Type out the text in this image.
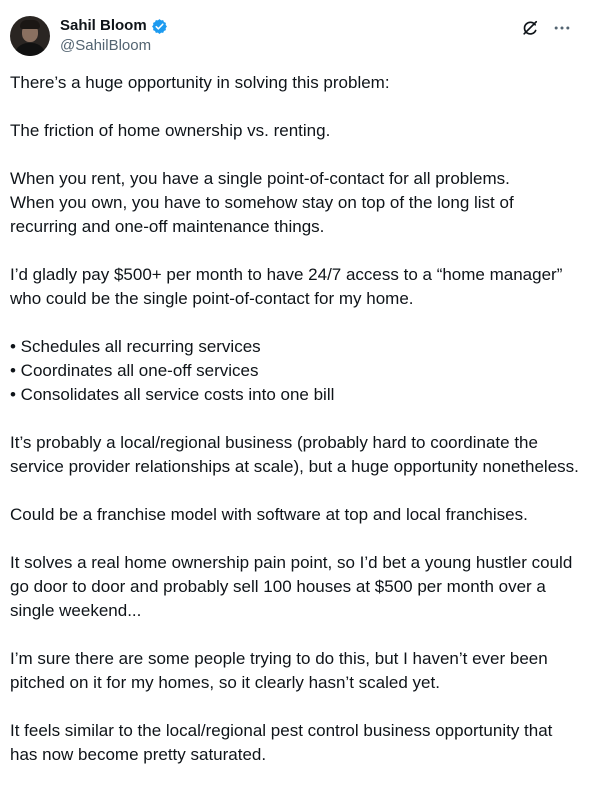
Sahil Bloom
@SahilBloom

There’s a huge opportunity in solving this problem:

The friction of home ownership vs. renting.

When you rent, you have a single point-of-contact for all problems.
When you own, you have to somehow stay on top of the long list of recurring and one-off maintenance things.

I’d gladly pay $500+ per month to have 24/7 access to a “home manager” who could be the single point-of-contact for my home.

• Schedules all recurring services
• Coordinates all one-off services
• Consolidates all service costs into one bill

It’s probably a local/regional business (probably hard to coordinate the service provider relationships at scale), but a huge opportunity nonetheless.

Could be a franchise model with software at top and local franchises.

It solves a real home ownership pain point, so I’d bet a young hustler could go door to door and probably sell 100 houses at $500 per month over a single weekend...

I’m sure there are some people trying to do this, but I haven’t ever been pitched on it for my homes, so it clearly hasn’t scaled yet.

It feels similar to the local/regional pest control business opportunity that has now become pretty saturated.
